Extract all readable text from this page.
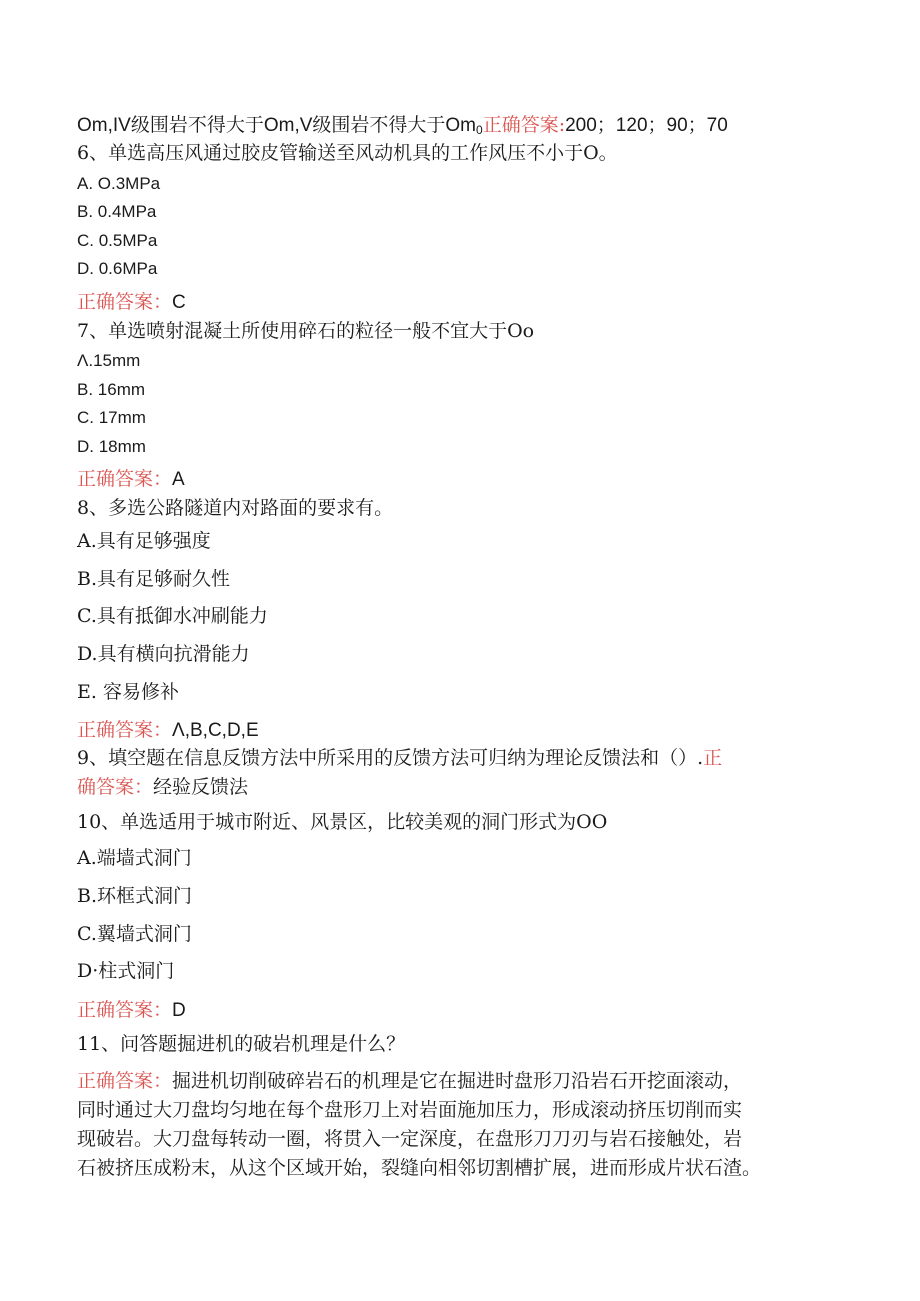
Om,IV级围岩不得大于Om,V级围岩不得大于Om0正确答案:200；120；90；70
6、单选高压风通过胶皮管输送至风动机具的工作风压不小于O。
A. O.3MPa
B. 0.4MPa
C. 0.5MPa
D. 0.6MPa
正确答案：C
7、单选喷射混凝土所使用碎石的粒径一般不宜大于Oo
Λ.15mm
B. 16mm
C. 17mm
D. 18mm
正确答案：A
8、多选公路隧道内对路面的要求有。
A.具有足够强度
B.具有足够耐久性
C.具有抵御水冲刷能力
D.具有横向抗滑能力
E. 容易修补
正确答案：Λ,B,C,D,E
9、填空题在信息反馈方法中所采用的反馈方法可归纳为理论反馈法和（）.正
确答案：经验反馈法
10、单选适用于城市附近、风景区，比较美观的洞门形式为OO
A.端墙式洞门
B.环框式洞门
C.翼墙式洞门
D·柱式洞门
正确答案：D
11、问答题掘进机的破岩机理是什么？
正确答案：掘进机切削破碎岩石的机理是它在掘进时盘形刀沿岩石开挖面滚动，
同时通过大刀盘均匀地在每个盘形刀上对岩面施加压力，形成滚动挤压切削而实
现破岩。大刀盘每转动一圈，将贯入一定深度，在盘形刀刀刃与岩石接触处，岩
石被挤压成粉末，从这个区域开始，裂缝向相邻切割槽扩展，进而形成片状石渣。
